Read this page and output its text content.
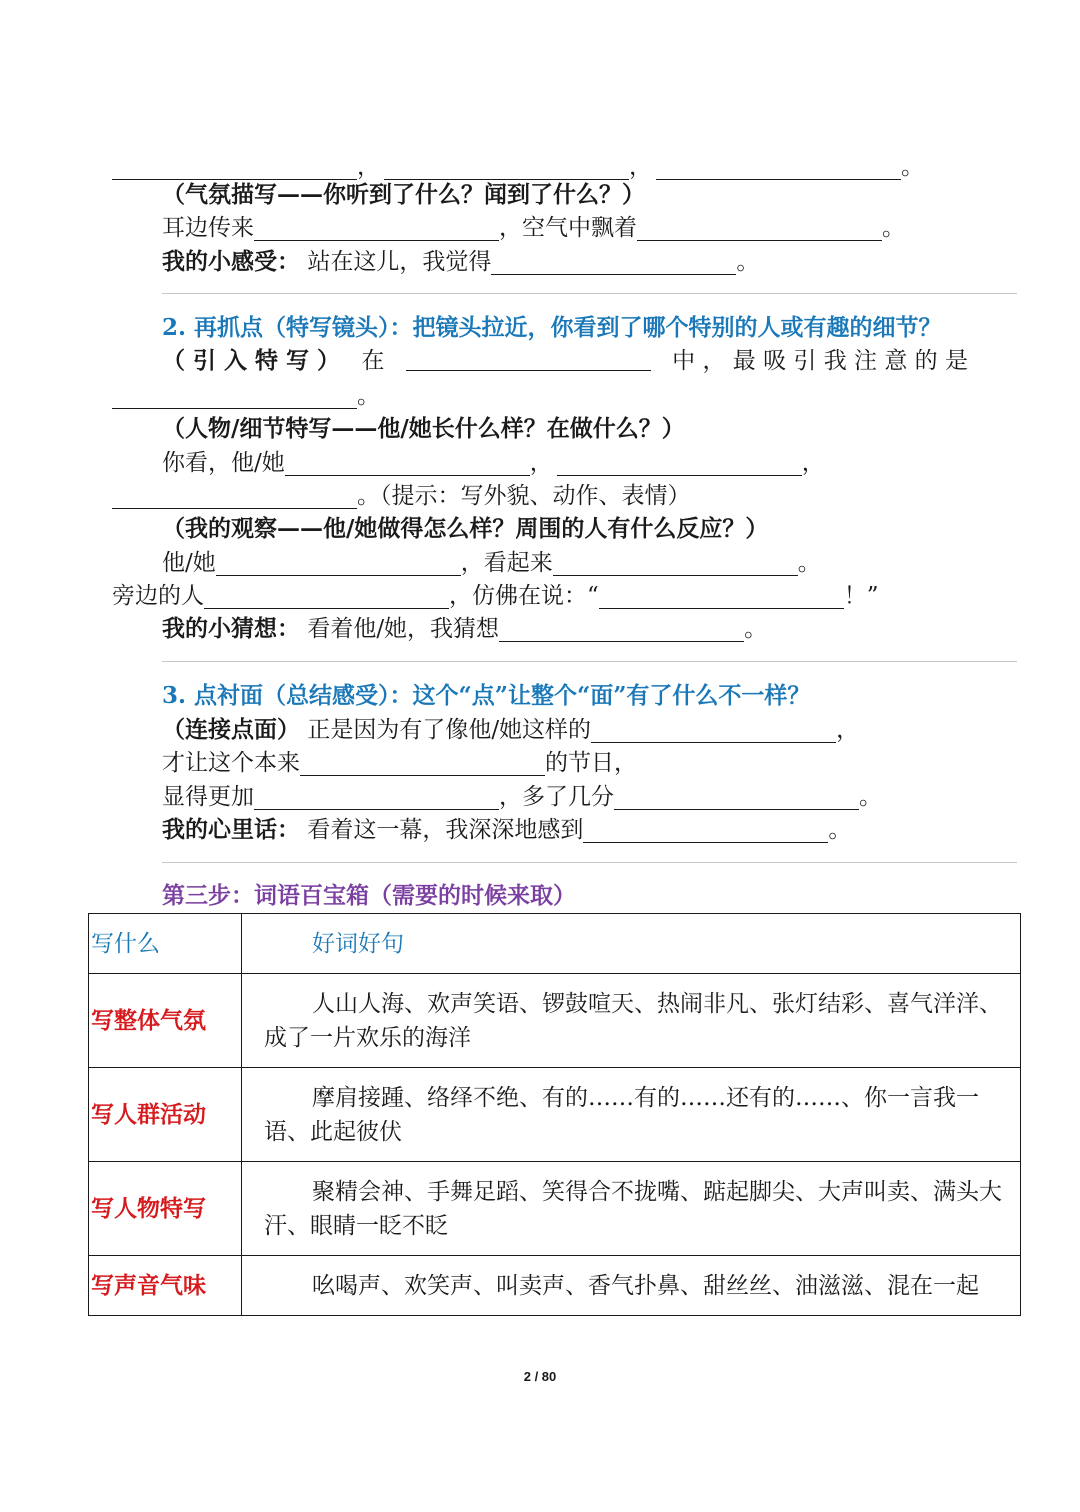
，	，	。
（气氛描写——你听到了什么？闻到了什么？）
耳边传来	，空气中飘着	。
我的小感受： 站在这儿，我觉得	。
2. 再抓点（特写镜头）：把镜头拉近，你看到了哪个特别的人或有趣的细节？
（ 引 入 特 写 ） 在	中 ， 最 吸 引 我 注 意 的 是
。
（人物/细节特写——他/她长什么样？在做什么？）
你看，他/她	，	，
。（提示：写外貌、动作、表情）
（我的观察——他/她做得怎么样？周围的人有什么反应？）
他/她	，看起来	。
旁边的人	，仿佛在说：“	！”
我的小猜想： 看着他/她，我猜想	。
3. 点衬面（总结感受）：这个“点”让整个“面”有了什么不一样？
（连接点面） 正是因为有了像他/她这样的	，
才让这个本来	的节日，
显得更加	，多了几分	。
我的心里话： 看着这一幕，我深深地感到	。
第三步：词语百宝箱（需要的时候来取）
写什么	好词好句
写整体气氛	人山人海、欢声笑语、锣鼓喧天、热闹非凡、张灯结彩、喜气洋洋、成了一片欢乐的海洋
写人群活动	摩肩接踵、络绎不绝、有的……有的……还有的……、你一言我一语、此起彼伏
写人物特写	聚精会神、手舞足蹈、笑得合不拢嘴、踮起脚尖、大声叫卖、满头大汗、眼睛一眨不眨
写声音气味	吆喝声、欢笑声、叫卖声、香气扑鼻、甜丝丝、油滋滋、混在一起
2 / 80
